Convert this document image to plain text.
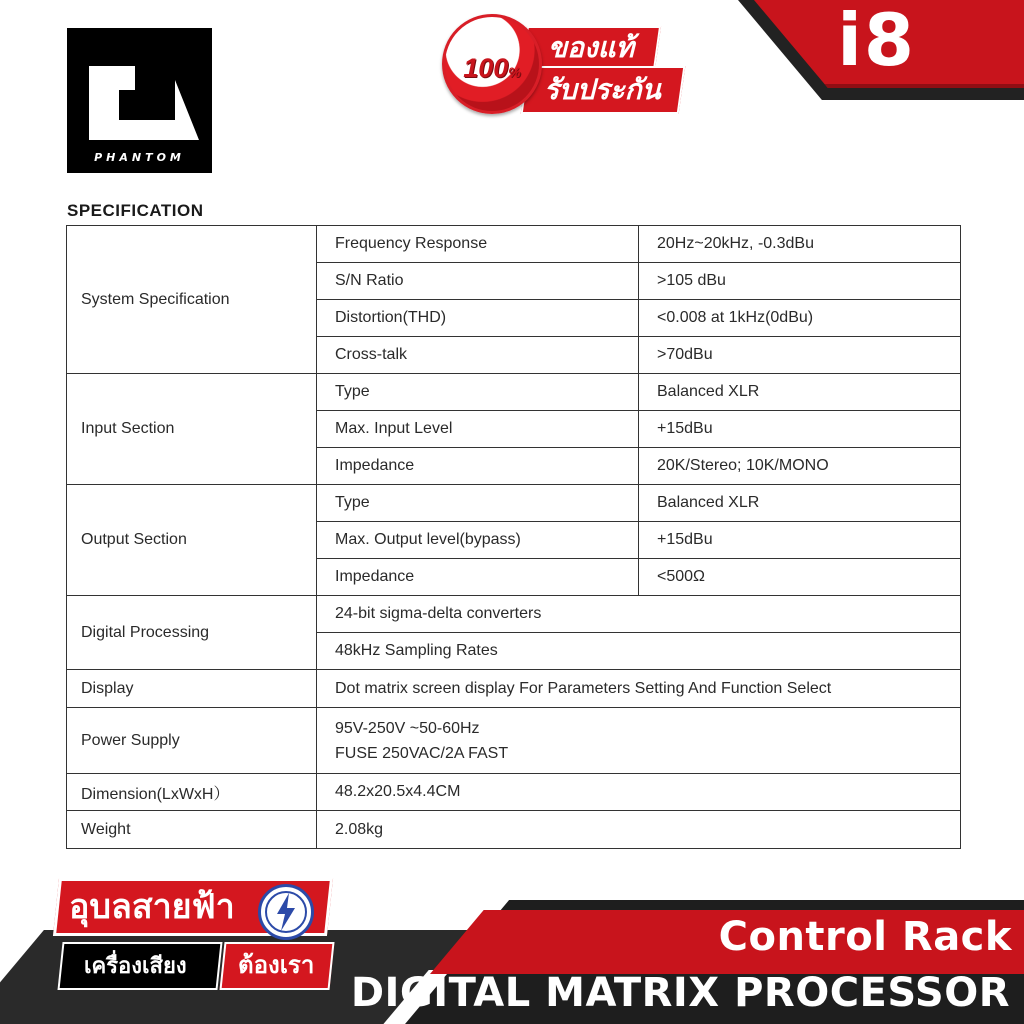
PHANTOM
100%
ของแท้
รับประกัน
i8
SPECIFICATION
System Specification	Frequency Response	20Hz~20kHz, -0.3dBu
	S/N Ratio	>105 dBu
	Distortion(THD)	<0.008 at 1kHz(0dBu)
	Cross-talk	>70dBu
Input Section	Type	Balanced XLR
	Max. Input Level	+15dBu
	Impedance	20K/Stereo; 10K/MONO
Output Section	Type	Balanced XLR
	Max. Output level(bypass)	+15dBu
	Impedance	<500Ω
Digital Processing	24-bit sigma-delta converters	
	48kHz Sampling Rates	
Display	Dot matrix screen display For Parameters Setting And Function Select	
Power Supply	95V-250V ~50-60Hz
FUSE 250VAC/2A FAST	

Dimension(LxWxH）	48.2x20.5x4.4CM	
Weight	2.08kg	
อุบลสายฟ้า
เครื่องเสียง	ต้องเรา
Control Rack
DIGITAL MATRIX PROCESSOR
